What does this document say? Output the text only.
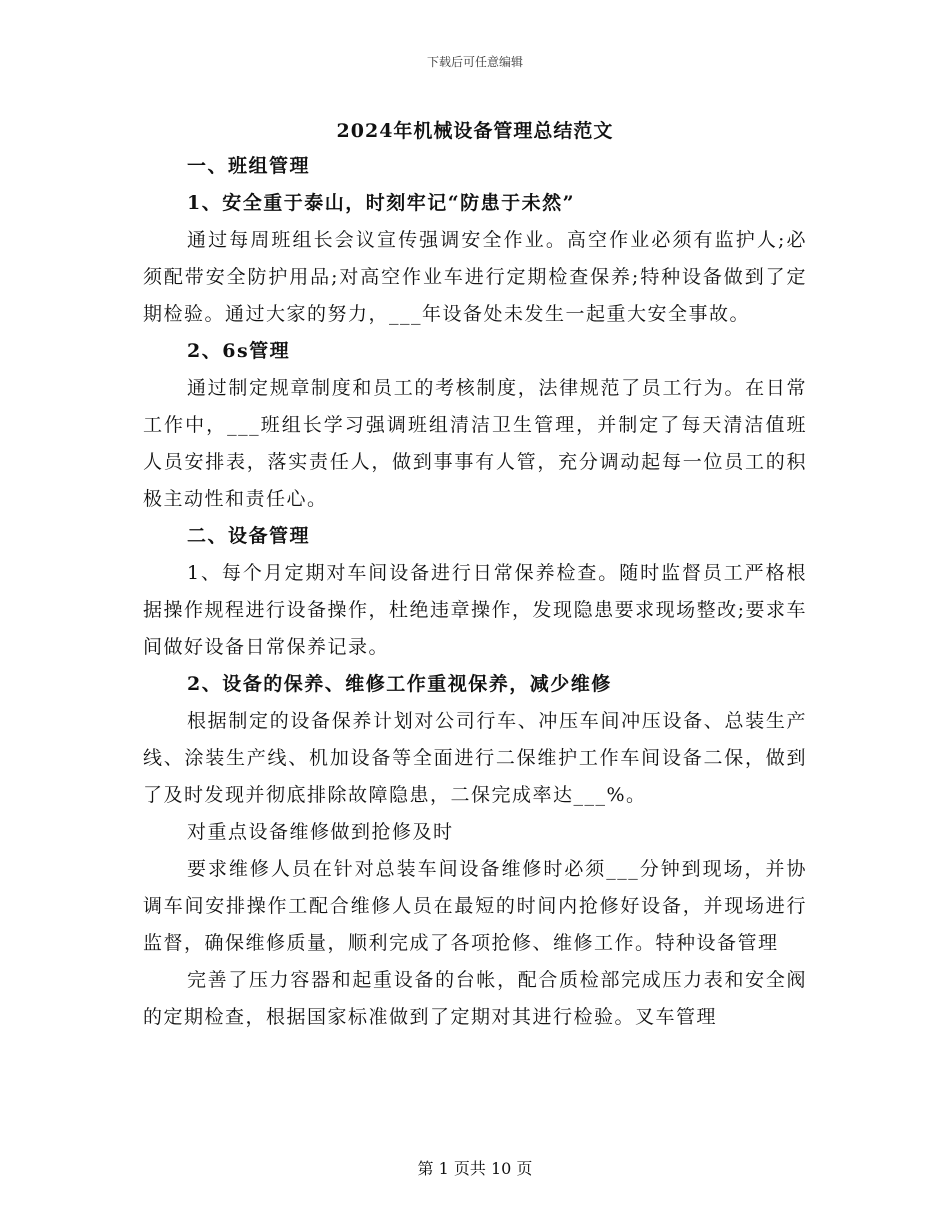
下载后可任意编辑
2024年机械设备管理总结范文

一、班组管理

1、安全重于泰山，时刻牢记“防患于未然”

通过每周班组长会议宣传强调安全作业。高空作业必须有监护人;必须配带安全防护用品;对高空作业车进行定期检查保养;特种设备做到了定期检验。通过大家的努力，___年设备处未发生一起重大安全事故。

2、6s管理

通过制定规章制度和员工的考核制度，法律规范了员工行为。在日常工作中，___班组长学习强调班组清洁卫生管理，并制定了每天清洁值班人员安排表，落实责任人，做到事事有人管，充分调动起每一位员工的积极主动性和责任心。

二、设备管理

1、每个月定期对车间设备进行日常保养检查。随时监督员工严格根据操作规程进行设备操作，杜绝违章操作，发现隐患要求现场整改;要求车间做好设备日常保养记录。

2、设备的保养、维修工作重视保养，减少维修

根据制定的设备保养计划对公司行车、冲压车间冲压设备、总装生产线、涂装生产线、机加设备等全面进行二保维护工作车间设备二保，做到了及时发现并彻底排除故障隐患，二保完成率达___%。

对重点设备维修做到抢修及时

要求维修人员在针对总装车间设备维修时必须___分钟到现场，并协调车间安排操作工配合维修人员在最短的时间内抢修好设备，并现场进行监督，确保维修质量，顺利完成了各项抢修、维修工作。特种设备管理

完善了压力容器和起重设备的台帐，配合质检部完成压力表和安全阀的定期检查，根据国家标准做到了定期对其进行检验。叉车管理

第 1 页共 10 页
